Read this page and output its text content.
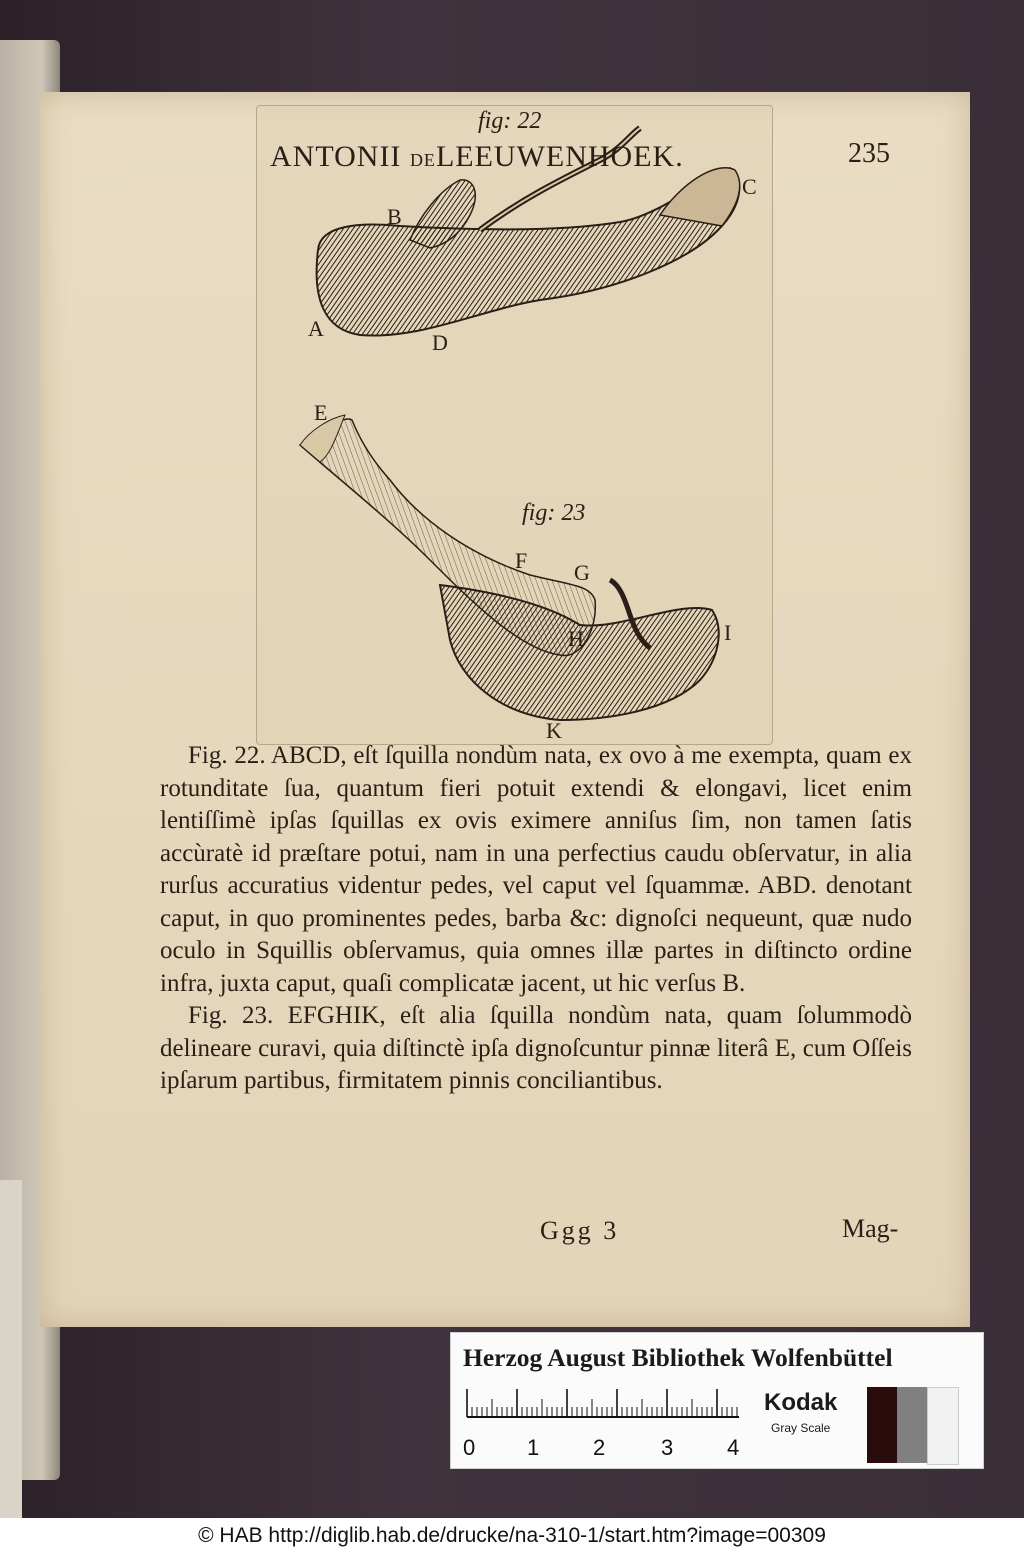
fig: 22
fig: 23
ANTONII DELEEUWENHOEK.	235
B
C
A
D
E
F G
H	I
K

Fig. 22. ABCD, eſt ſquilla nondùm nata, ex ovo à me exempta, quam ex rotunditate ſua, quantum fieri potuit extendi & elongavi, licet enim lentiſſimè ipſas ſquillas ex ovis eximere anniſus ſim, non tamen ſatis accùratè id præſtare potui, nam in una perfectius caudu obſervatur, in alia rurſus accuratius videntur pedes, vel caput vel ſquammæ. ABD. denotant caput, in quo prominentes pedes, barba &c: dignoſci nequeunt, quæ nudo oculo in Squillis obſervamus, quia omnes illæ partes in diſtincto ordine infra, juxta caput, quaſi complicatæ jacent, ut hic verſus B.

Fig. 23. EFGHIK, eſt alia ſquilla nondùm nata, quam ſolummodò delineare curavi, quia diſtinctè ipſa dignoſcuntur pinnæ literâ E, cum Oſſeis ipſarum partibus, firmitatem pinnis conciliantibus.

Ggg 3	Mag-
Herzog August Bibliothek Wolfenbüttel
0 1 2	3 4
Kodak
Gray Scale
© HAB http://diglib.hab.de/drucke/na-310-1/start.htm?image=00309
